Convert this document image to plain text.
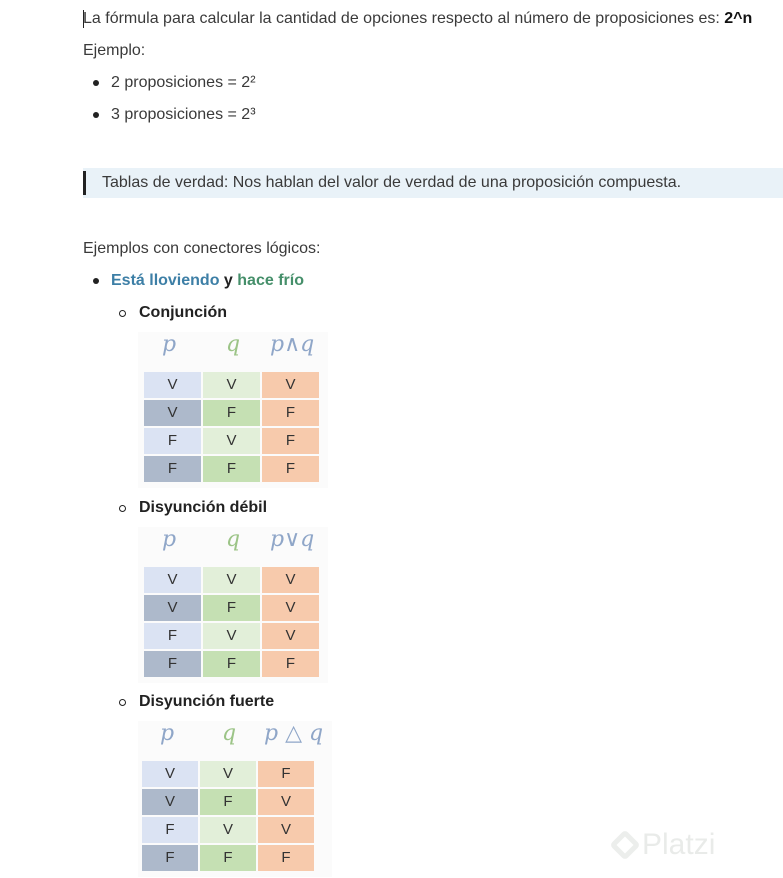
La fórmula para calcular la cantidad de opciones respecto al número de proposiciones es: 2^n
Ejemplo:
2 proposiciones = 2²
3 proposiciones = 2³
Tablas de verdad: Nos hablan del valor de verdad de una proposición compuesta.
Ejemplos con conectores lógicos:
Está lloviendo y hace frío
Conjunción
Disyunción débil
Disyunción fuerte
p q p∧q
V	V	V
V	F	F
F	V	F
F	F	F
p q p∨q
V	V	V
V	F	V
F	V	V
F	F	F
p q p △ q
V	V	F
V	F	V
F	V	V
F	F	F	Platzi
